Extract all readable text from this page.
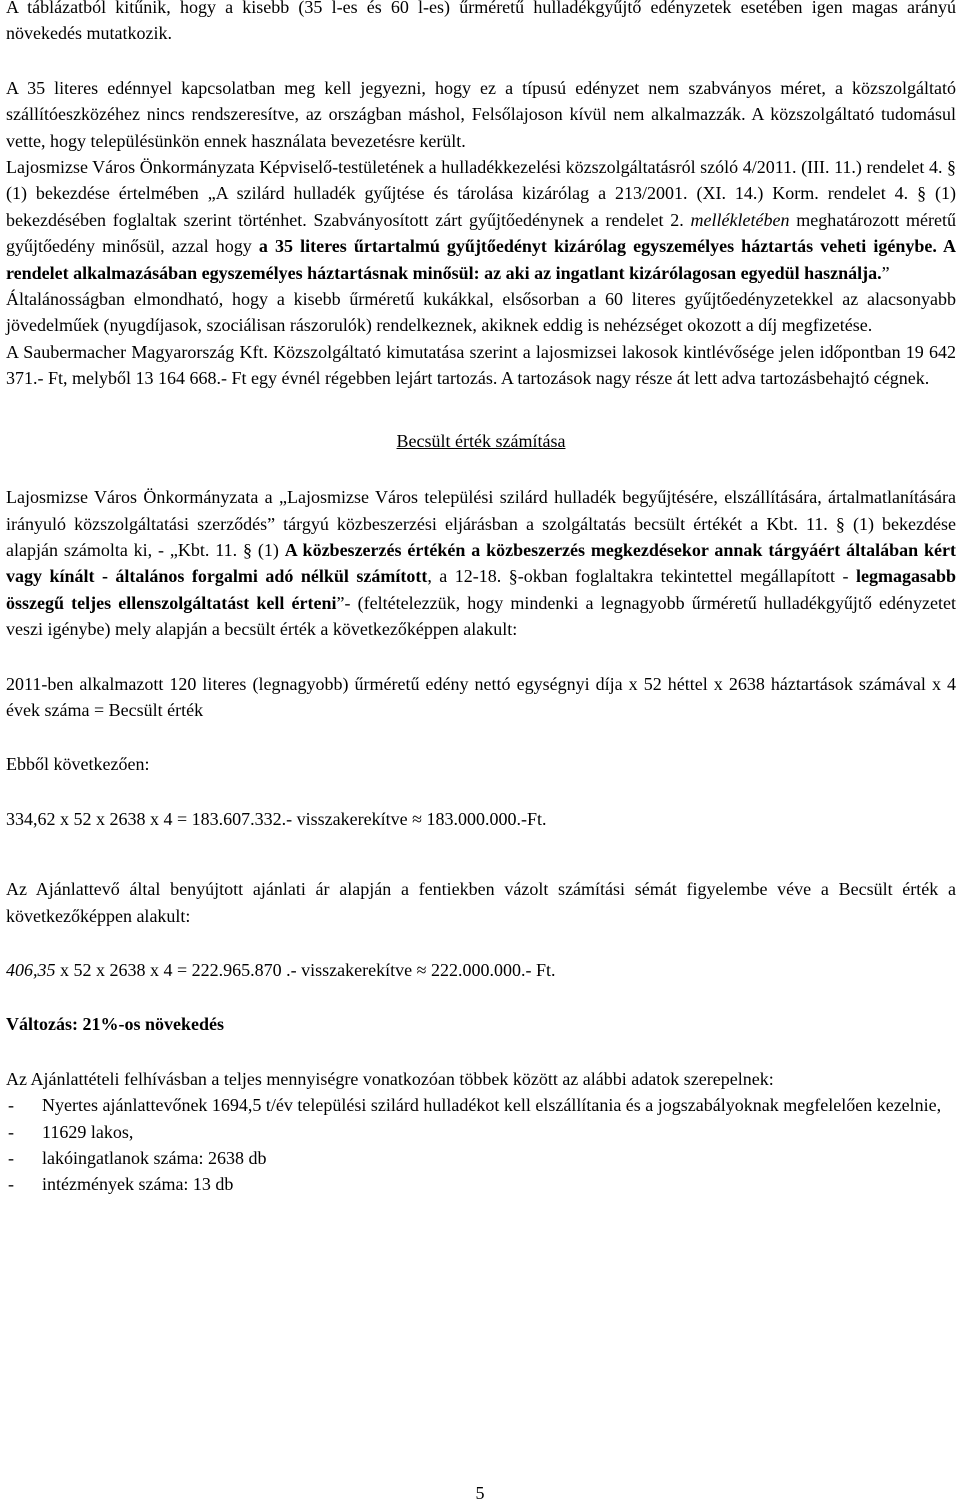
A táblázatból kitűnik, hogy a kisebb (35 l-es és 60 l-es) űrméretű hulladékgyűjtő edényzetek esetében igen magas arányú növekedés mutatkozik.

A 35 literes edénnyel kapcsolatban meg kell jegyezni, hogy ez a típusú edényzet nem szabványos méret, a közszolgáltató szállítóeszközéhez nincs rendszeresítve, az országban máshol, Felsőlajoson kívül nem alkalmazzák. A közszolgáltató tudomásul vette, hogy településünkön ennek használata bevezetésre került.

Lajosmizse Város Önkormányzata Képviselő-testületének a hulladékkezelési közszolgáltatásról szóló 4/2011. (III. 11.) rendelet 4. § (1) bekezdése értelmében „A szilárd hulladék gyűjtése és tárolása kizárólag a 213/2001. (XI. 14.) Korm. rendelet 4. § (1) bekezdésében foglaltak szerint történhet. Szabványosított zárt gyűjtőedénynek a rendelet 2. mellékletében meghatározott méretű gyűjtőedény minősül, azzal hogy a 35 literes űrtartalmú gyűjtőedényt kizárólag egyszemélyes háztartás veheti igénybe. A rendelet alkalmazásában egyszemélyes háztartásnak minősül: az aki az ingatlant kizárólagosan egyedül használja.”

Általánosságban elmondható, hogy a kisebb űrméretű kukákkal, elsősorban a 60 literes gyűjtőedényzetekkel az alacsonyabb jövedelműek (nyugdíjasok, szociálisan rászorulók) rendelkeznek, akiknek eddig is nehézséget okozott a díj megfizetése.

A Saubermacher Magyarország Kft. Közszolgáltató kimutatása szerint a lajosmizsei lakosok kintlévősége jelen időpontban 19 642 371.- Ft, melyből 13 164 668.- Ft egy évnél régebben lejárt tartozás. A tartozások nagy része át lett adva tartozásbehajtó cégnek.

Becsült érték számítása

Lajosmizse Város Önkormányzata a „Lajosmizse Város települési szilárd hulladék begyűjtésére, elszállítására, ártalmatlanítására irányuló közszolgáltatási szerződés” tárgyú közbeszerzési eljárásban a szolgáltatás becsült értékét a Kbt. 11. § (1) bekezdése alapján számolta ki, - „Kbt. 11. § (1) A közbeszerzés értékén a közbeszerzés megkezdésekor annak tárgyáért általában kért vagy kínált - általános forgalmi adó nélkül számított, a 12-18. §-okban foglaltakra tekintettel megállapított - legmagasabb összegű teljes ellenszolgáltatást kell érteni”- (feltételezzük, hogy mindenki a legnagyobb űrméretű hulladékgyűjtő edényzetet veszi igénybe) mely alapján a becsült érték a következőképpen alakult:

2011-ben alkalmazott 120 literes (legnagyobb) űrméretű edény nettó egységnyi díja x 52 héttel x 2638 háztartások számával x 4 évek száma = Becsült érték

Ebből következően:

334,62 x 52 x 2638 x 4 = 183.607.332.- visszakerekítve ≈ 183.000.000.-Ft.

Az Ajánlattevő által benyújtott ajánlati ár alapján a fentiekben vázolt számítási sémát figyelembe véve a Becsült érték a következőképpen alakult:

406,35 x 52 x 2638 x 4 = 222.965.870 .- visszakerekítve ≈ 222.000.000.- Ft.

Változás: 21%-os növekedés

Az Ajánlattételi felhívásban a teljes mennyiségre vonatkozóan többek között az alábbi adatok szerepelnek:

- Nyertes ajánlattevőnek 1694,5 t/év települési szilárd hulladékot kell elszállítania és a jogszabályoknak megfelelően kezelnie,
- 11629 lakos,
- lakóingatlanok száma: 2638 db
- intézmények száma: 13 db
5
